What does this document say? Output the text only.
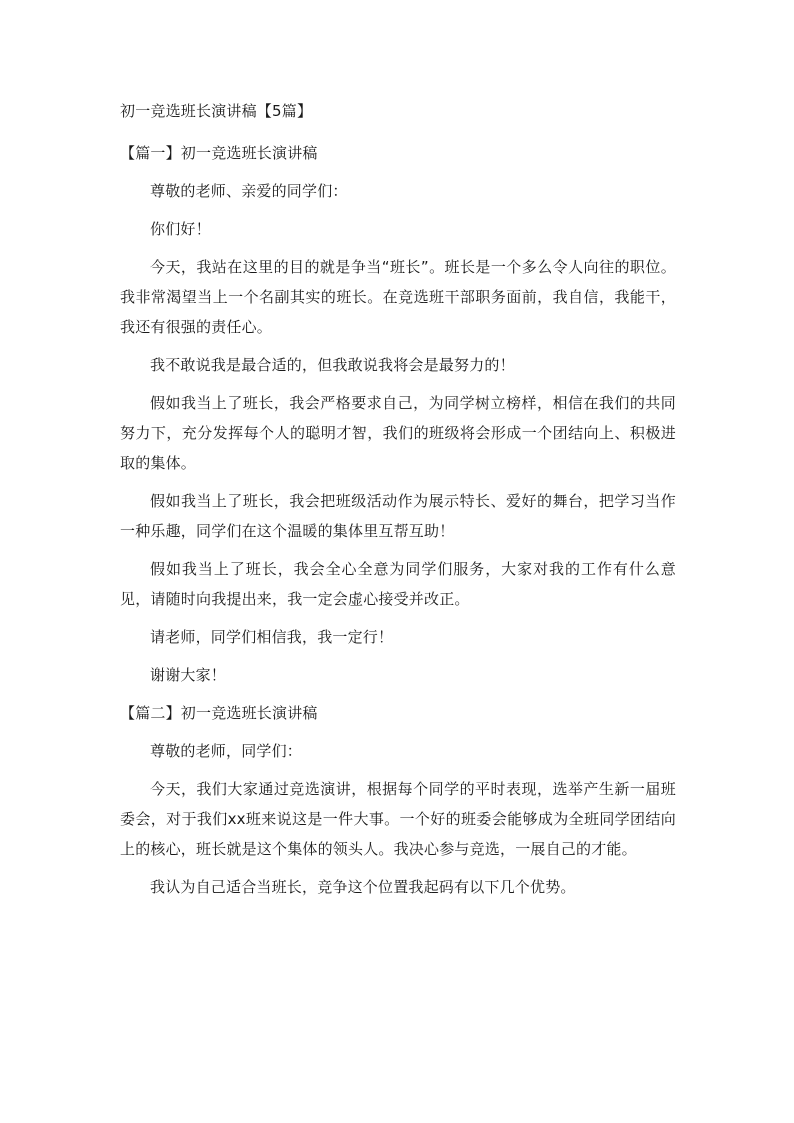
初一竞选班长演讲稿【5篇】
【篇一】初一竞选班长演讲稿
尊敬的老师、亲爱的同学们：
你们好！
今天，我站在这里的目的就是争当“班长”。班长是一个多么令人向往的职位。我非常渴望当上一个名副其实的班长。在竞选班干部职务面前，我自信，我能干，我还有很强的责任心。
我不敢说我是最合适的，但我敢说我将会是最努力的！
假如我当上了班长，我会严格要求自己，为同学树立榜样，相信在我们的共同努力下，充分发挥每个人的聪明才智，我们的班级将会形成一个团结向上、积极进取的集体。
假如我当上了班长，我会把班级活动作为展示特长、爱好的舞台，把学习当作一种乐趣，同学们在这个温暖的集体里互帮互助！
假如我当上了班长，我会全心全意为同学们服务，大家对我的工作有什么意见，请随时向我提出来，我一定会虚心接受并改正。
请老师，同学们相信我，我一定行！
谢谢大家！
【篇二】初一竞选班长演讲稿
尊敬的老师，同学们：
今天，我们大家通过竞选演讲，根据每个同学的平时表现，选举产生新一届班委会，对于我们xx班来说这是一件大事。一个好的班委会能够成为全班同学团结向上的核心，班长就是这个集体的领头人。我决心参与竞选，一展自己的才能。
我认为自己适合当班长，竞争这个位置我起码有以下几个优势。
